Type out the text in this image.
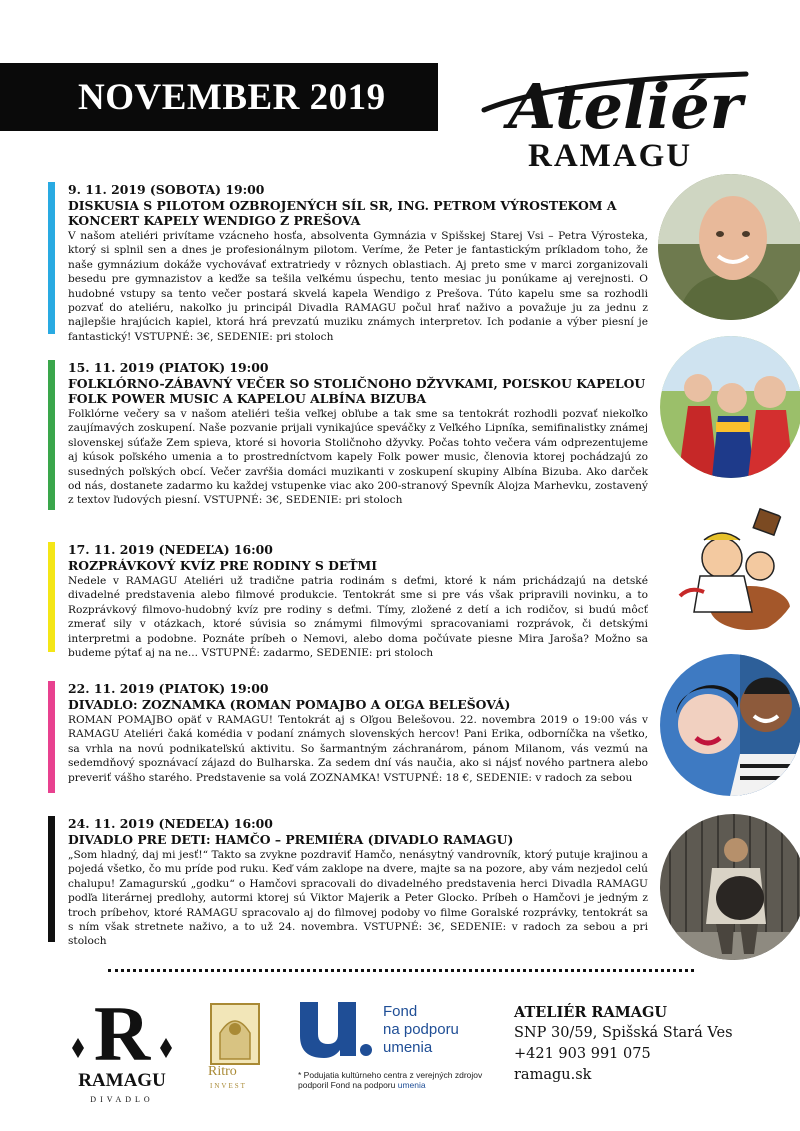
NOVEMBER 2019 Ateliér
RAMAGU
9. 11. 2019 (SOBOTA) 19:00
DISKUSIA S PILOTOM OZBROJENÝCH SÍL SR, ING. PETROM VÝROSTEKOM A KONCERT KAPELY WENDIGO Z PREŠOVA
V našom ateliéri privítame vzácneho hosťa, absolventa Gymnázia v Spišskej Starej Vsi – Petra Výrosteka, ktorý si splnil sen a dnes je profesionálnym pilotom. Veríme, že Peter je fantastickým príkladom toho, že naše gymnázium dokáže vychovávať extratriedy v rôznych oblastiach. Aj preto sme v marci zorganizovali besedu pre gymnazistov a keďže sa tešila veľkému úspechu, tento mesiac ju ponúkame aj verejnosti. O hudobné vstupy sa tento večer postará skvelá kapela Wendigo z Prešova. Túto kapelu sme sa rozhodli pozvať do ateliéru, nakoľko ju principál Divadla RAMAGU počul hrať naživo a považuje ju za jednu z najlepšie hrajúcich kapiel, ktorá hrá prevzatú muziku známych interpretov. Ich podanie a výber piesní je fantastický! VSTUPNÉ: 3€, SEDENIE: pri stoloch
15. 11. 2019 (PIATOK) 19:00
FOLKLÓRNO-ZÁBAVNÝ VEČER SO STOLIČNOHO DŽYVKAMI, POĽSKOU KAPELOU FOLK POWER MUSIC A KAPELOU ALBÍNA BIZUBA
Folklórne večery sa v našom ateliéri tešia veľkej obľube a tak sme sa tentokrát rozhodli pozvať niekoľko zaujímavých zoskupení. Naše pozvanie prijali vynikajúce speváčky z Veľkého Lipníka, semifinalistky známej slovenskej súťaže Zem spieva, ktoré si hovoria Stoličnoho džyvky. Počas tohto večera vám odprezentujeme aj kúsok poľského umenia a to prostredníctvom kapely Folk power music, členovia ktorej pochádzajú zo susedných poľských obcí. Večer zavŕšia domáci muzikanti v zoskupení skupiny Albína Bizuba. Ako darček od nás, dostanete zadarmo ku každej vstupenke viac ako 200-stranový Spevník Alojza Marhevku, zostavený z textov ľudových piesní. VSTUPNÉ: 3€, SEDENIE: pri stoloch
17. 11. 2019 (NEDEĽA) 16:00
ROZPRÁVKOVÝ KVÍZ PRE RODINY S DEŤMI
Nedele v RAMAGU Ateliéri už tradične patria rodinám s deťmi, ktoré k nám prichádzajú na detské divadelné predstavenia alebo filmové produkcie. Tentokrát sme si pre vás však pripravili novinku, a to Rozprávkový filmovo-hudobný kvíz pre rodiny s deťmi. Tímy, zložené z detí a ich rodičov, si budú môcť zmerať sily v otázkach, ktoré súvisia so známymi filmovými spracovaniami rozprávok, či detskými interpretmi a podobne. Poznáte príbeh o Nemovi, alebo doma počúvate piesne Mira Jaroša? Možno sa budeme pýtať aj na ne... VSTUPNÉ: zadarmo, SEDENIE: pri stoloch
22. 11. 2019 (PIATOK) 19:00
DIVADLO: ZOZNAMKA (ROMAN POMAJBO A OĽGA BELEŠOVÁ)
ROMAN POMAJBO opäť v RAMAGU! Tentokrát aj s Oľgou Belešovou. 22. novembra 2019 o 19:00 vás v RAMAGU Ateliéri čaká komédia v podaní známych slovenských hercov! Pani Erika, odborníčka na všetko, sa vrhla na novú podnikateľskú aktivitu. So šarmantným záchranárom, pánom Milanom, vás vezmú na sedemdňový spoznávací zájazd do Bulharska. Za sedem dní vás naučia, ako si nájsť nového partnera alebo preveriť vášho starého. Predstavenie sa volá ZOZNAMKA! VSTUPNÉ: 18 €, SEDENIE: v radoch za sebou
24. 11. 2019 (NEDEĽA) 16:00
DIVADLO PRE DETI: HAMČO – PREMIÉRA (DIVADLO RAMAGU)
„Som hladný, daj mi jesť!“ Takto sa zvykne pozdraviť Hamčo, nenásytný vandrovník, ktorý putuje krajinou a pojedá všetko, čo mu príde pod ruku. Keď vám zaklope na dvere, majte sa na pozore, aby vám nezjedol celú chalupu! Zamagurskú „godku“ o Hamčovi spracovali do divadelného predstavenia herci Divadla RAMAGU podľa literárnej predlohy, autormi ktorej sú Viktor Majerik a Peter Glocko. Príbeh o Hamčovi je jedným z troch príbehov, ktoré RAMAGU spracovalo aj do filmovej podoby vo filme Goralské rozprávky, tentokrát sa s ním však stretnete naživo, a to už 24. novembra. VSTUPNÉ: 3€, SEDENIE: v radoch za sebou a pri stoloch
R
RAMAGU
DIVADLO
Ritro
INVEST
Fond
na podporu
umenia
* Podujatia kultúrneho centra z verejných zdrojov podporil Fond na podporu umenia
ATELIÉR RAMAGU
SNP 30/59, Spišská Stará Ves
+421 903 991 075
ramagu.sk
